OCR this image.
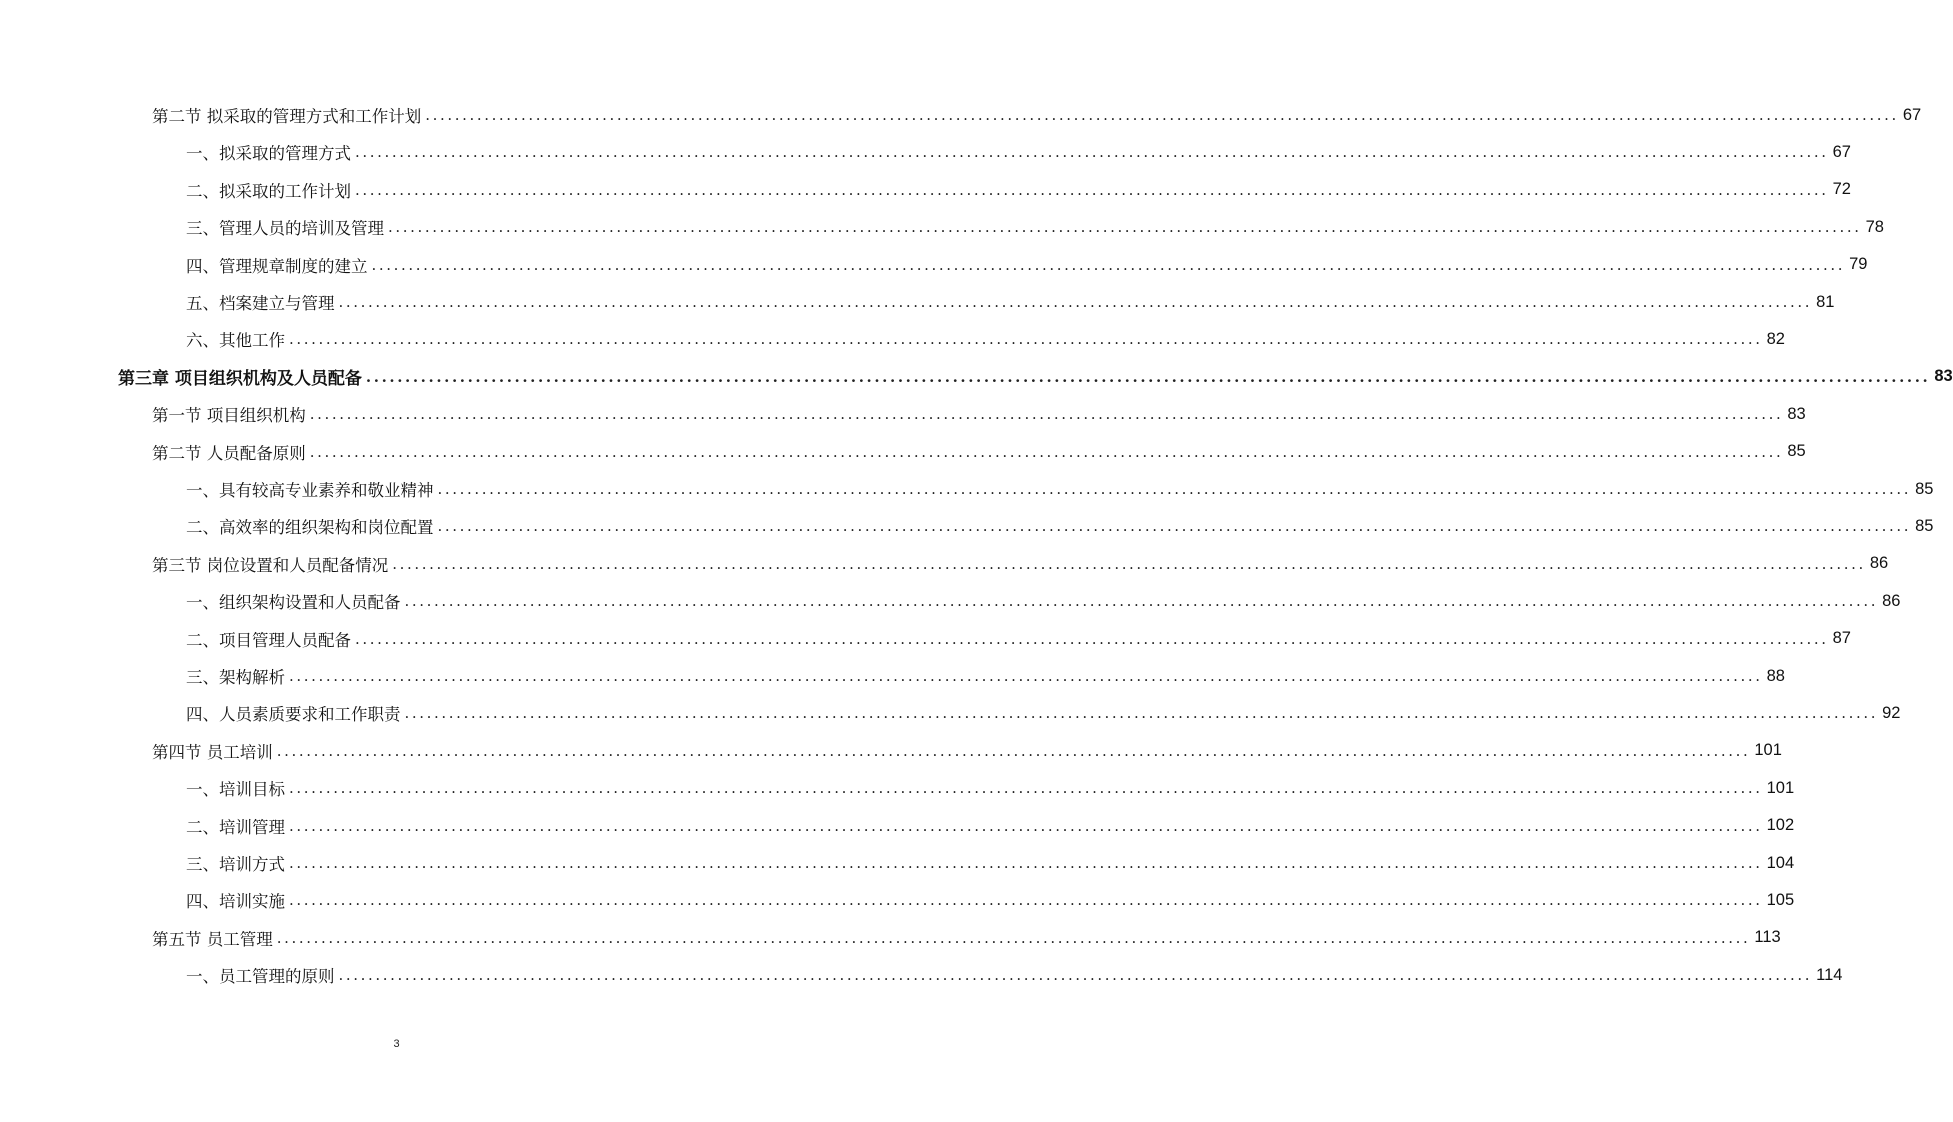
第二节 拟采取的管理方式和工作计划 ........................................................................................................................................................................................................ 67
一、拟采取的管理方式 ........................................................................................................................................................................................................ 67
二、拟采取的工作计划 ........................................................................................................................................................................................................ 72
三、管理人员的培训及管理 ........................................................................................................................................................................................................ 78
四、管理规章制度的建立 ........................................................................................................................................................................................................ 79
五、档案建立与管理 ........................................................................................................................................................................................................ 81
六、其他工作 ........................................................................................................................................................................................................ 82
第三章 项目组织机构及人员配备 ........................................................................................................................................................................................................ 83
第一节 项目组织机构 ........................................................................................................................................................................................................ 83
第二节 人员配备原则 ........................................................................................................................................................................................................ 85
一、具有较高专业素养和敬业精神 ........................................................................................................................................................................................................ 85
二、高效率的组织架构和岗位配置 ........................................................................................................................................................................................................ 85
第三节 岗位设置和人员配备情况 ........................................................................................................................................................................................................ 86
一、组织架构设置和人员配备 ........................................................................................................................................................................................................ 86
二、项目管理人员配备 ........................................................................................................................................................................................................ 87
三、架构解析 ........................................................................................................................................................................................................ 88
四、人员素质要求和工作职责 ........................................................................................................................................................................................................ 92
第四节 员工培训 ........................................................................................................................................................................................................ 101
一、培训目标 ........................................................................................................................................................................................................ 101
二、培训管理 ........................................................................................................................................................................................................ 102
三、培训方式 ........................................................................................................................................................................................................ 104
四、培训实施 ........................................................................................................................................................................................................ 105
第五节 员工管理 ........................................................................................................................................................................................................ 113
一、员工管理的原则 ........................................................................................................................................................................................................ 114
3
